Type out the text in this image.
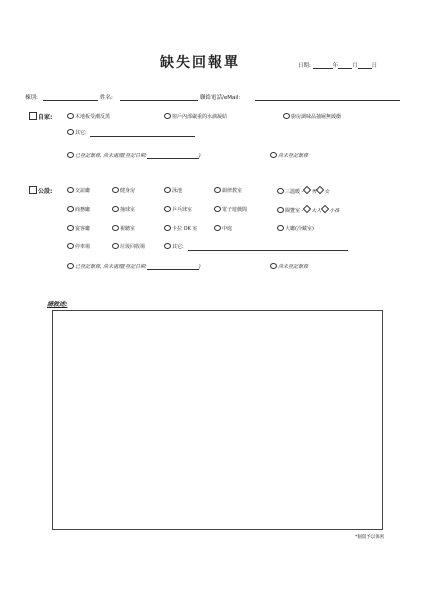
缺失回報單	日期:	年	月	日
棟別:	姓名:	聯絡電話/eMail:
自家:	木地板受潮反黑	窗戶內部嚴重的水滴凝結	廚房調味品抽屜無緩衝
其它:
已登記報修, 尚未處理(登記日期:	)	尚未登記報修
公設:	交誼廳	健身房	泳池	韻律教室	三溫暖 - 男 女
商務廳	撞球室	乒乓球室	電子遊戲間	閱覽室 - 大人 小孩
宴客廳	視聽室	卡拉 OK 室	中庭	大廳(冷藏室)
停車場	垃圾回收場	其它:
已登記報修, 尚未處理(登記日期:	)	尚未登記報修
請敘述:
*個資予以保密
